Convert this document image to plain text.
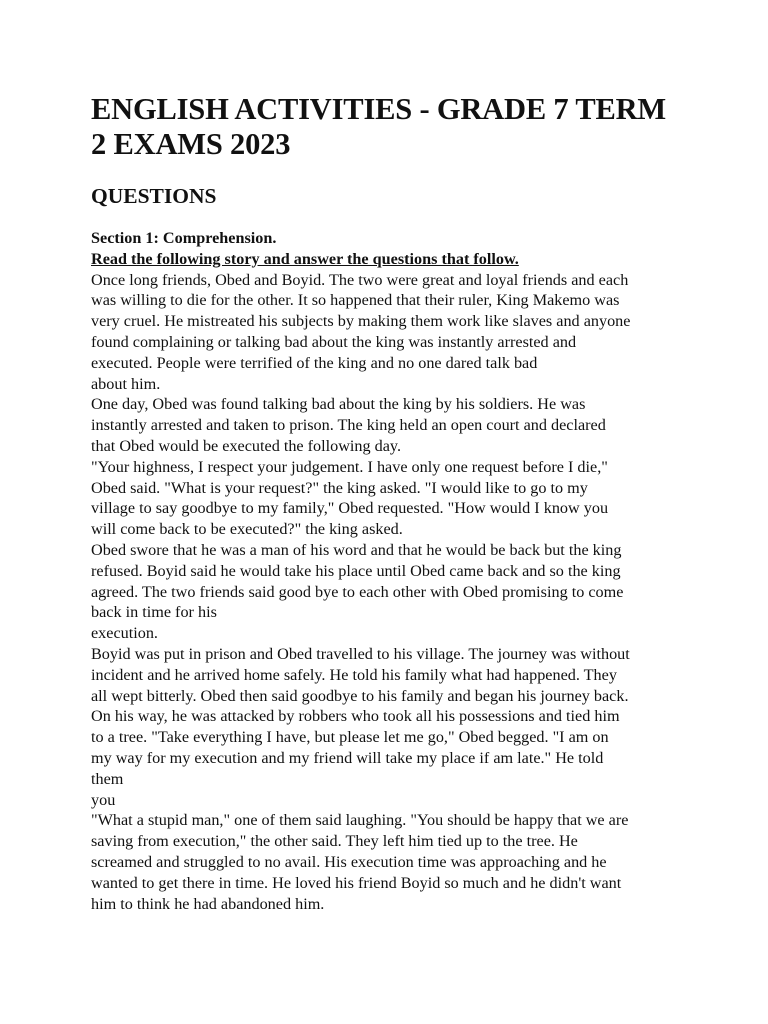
ENGLISH ACTIVITIES - GRADE 7 TERM
2 EXAMS 2023
QUESTIONS

Section 1: Comprehension.

Read the following story and answer the questions that follow.

Once long friends, Obed and Boyid. The two were great and loyal friends and each
was willing to die for the other. It so happened that their ruler, King Makemo was
very cruel. He mistreated his subjects by making them work like slaves and anyone
found complaining or talking bad about the king was instantly arrested and
executed. People were terrified of the king and no one dared talk bad
about him.
One day, Obed was found talking bad about the king by his soldiers. He was
instantly arrested and taken to prison. The king held an open court and declared
that Obed would be executed the following day.
"Your highness, I respect your judgement. I have only one request before I die,"
Obed said. "What is your request?" the king asked. "I would like to go to my
village to say goodbye to my family," Obed requested. "How would I know you
will come back to be executed?" the king asked.
Obed swore that he was a man of his word and that he would be back but the king
refused. Boyid said he would take his place until Obed came back and so the king
agreed. The two friends said good bye to each other with Obed promising to come
back in time for his
execution.
Boyid was put in prison and Obed travelled to his village. The journey was without
incident and he arrived home safely. He told his family what had happened. They
all wept bitterly. Obed then said goodbye to his family and began his journey back.
On his way, he was attacked by robbers who took all his possessions and tied him
to a tree. "Take everything I have, but please let me go," Obed begged. "I am on
my way for my execution and my friend will take my place if am late." He told
them
you
"What a stupid man," one of them said laughing. "You should be happy that we are
saving from execution," the other said. They left him tied up to the tree. He
screamed and struggled to no avail. His execution time was approaching and he
wanted to get there in time. He loved his friend Boyid so much and he didn't want
him to think he had abandoned him.
